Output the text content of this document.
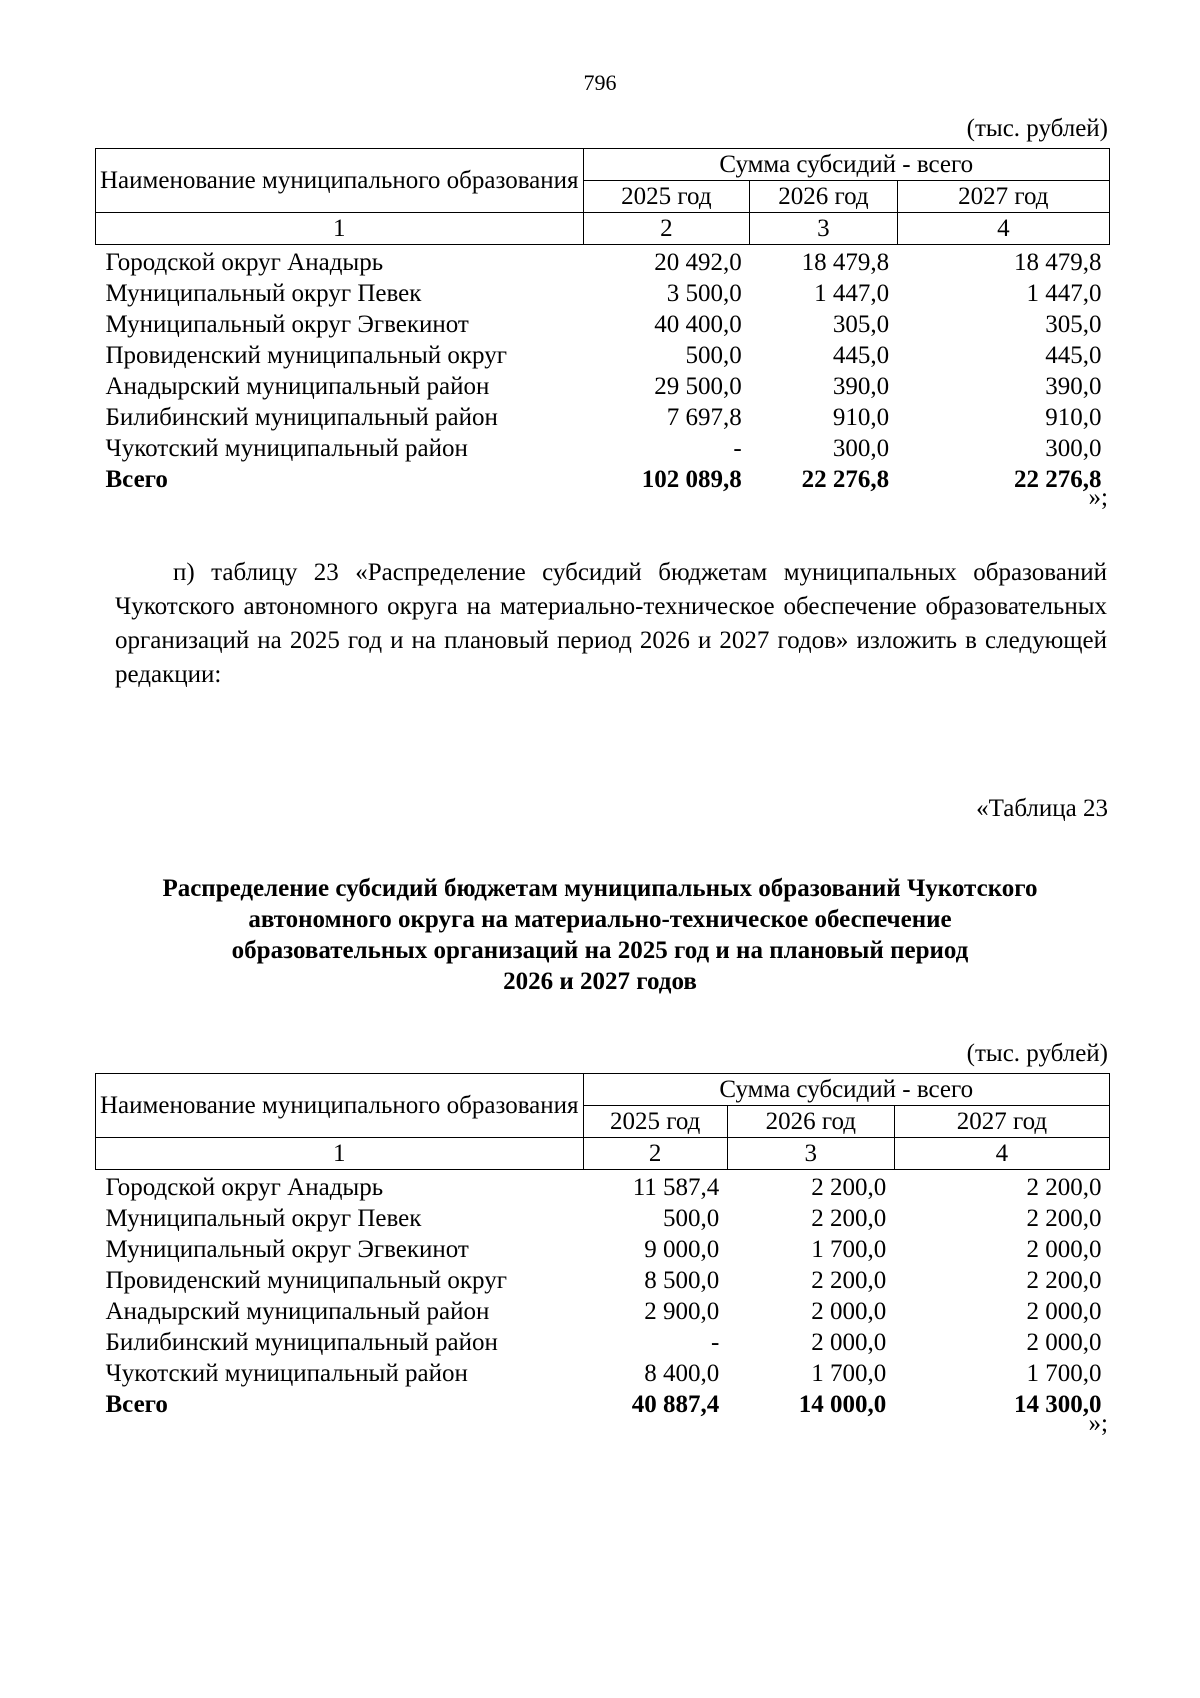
796
(тыс. рублей)
Наименование муниципального образования	Сумма субсидий - всего		
	2025 год	2026 год	2027 год
1	2	3	4
Городской округ Анадырь	20 492,0	18 479,8	18 479,8
Муниципальный округ Певек	3 500,0	1 447,0	1 447,0
Муниципальный округ Эгвекинот	40 400,0	305,0	305,0
Провиденский муниципальный округ	500,0	445,0	445,0
Анадырский муниципальный район	29 500,0	390,0	390,0
Билибинский муниципальный район	7 697,8	910,0	910,0
Чукотский муниципальный район	-	300,0	300,0
Всего	102 089,8	22 276,8	22 276,8
»;
п) таблицу 23 «Распределение субсидий бюджетам муниципальных образований Чукотского автономного округа на материально-техническое обеспечение образовательных организаций на 2025 год и на плановый период 2026 и 2027 годов» изложить в следующей редакции:
«Таблица 23
Распределение субсидий бюджетам муниципальных образований Чукотского
автономного округа на материально-техническое обеспечение
образовательных организаций на 2025 год и на плановый период
2026 и 2027 годов
(тыс. рублей)
Наименование муниципального образования	Сумма субсидий - всего		
	2025 год	2026 год	2027 год
1	2	3	4
Городской округ Анадырь	11 587,4	2 200,0	2 200,0
Муниципальный округ Певек	500,0	2 200,0	2 200,0
Муниципальный округ Эгвекинот	9 000,0	1 700,0	2 000,0
Провиденский муниципальный округ	8 500,0	2 200,0	2 200,0
Анадырский муниципальный район	2 900,0	2 000,0	2 000,0
Билибинский муниципальный район	-	2 000,0	2 000,0
Чукотский муниципальный район	8 400,0	1 700,0	1 700,0
Всего	40 887,4	14 000,0	14 300,0
»;
